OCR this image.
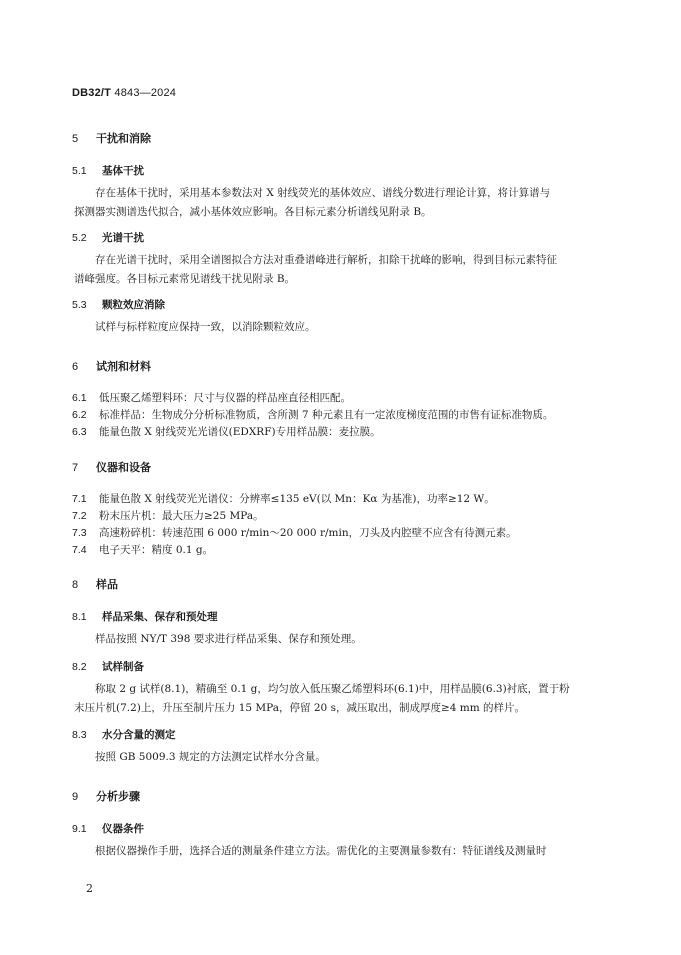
DB32/T 4843—2024
5 干扰和消除
5.1 基体干扰
存在基体干扰时，采用基本参数法对 X 射线荧光的基体效应、谱线分数进行理论计算，将计算谱与
探测器实测谱迭代拟合，减小基体效应影响。各目标元素分析谱线见附录 B。
5.2 光谱干扰
存在光谱干扰时，采用全谱图拟合方法对重叠谱峰进行解析，扣除干扰峰的影响，得到目标元素特征
谱峰强度。各目标元素常见谱线干扰见附录 B。
5.3 颗粒效应消除
试样与标样粒度应保持一致，以消除颗粒效应。
6 试剂和材料
6.1 低压聚乙烯塑料环：尺寸与仪器的样品座直径相匹配。
6.2 标准样品：生物成分分析标准物质，含所测 7 种元素且有一定浓度梯度范围的市售有证标准物质。
6.3 能量色散 X 射线荧光光谱仪(EDXRF)专用样品膜：麦拉膜。
7 仪器和设备
7.1 能量色散 X 射线荧光光谱仪：分辨率≤135 eV(以 Mn：Kα 为基准)，功率≥12 W。
7.2 粉末压片机：最大压力≥25 MPa。
7.3 高速粉碎机：转速范围 6 000 r/min～20 000 r/min，刀头及内腔壁不应含有待测元素。
7.4 电子天平：精度 0.1 g。
8 样品
8.1 样品采集、保存和预处理
样品按照 NY/T 398 要求进行样品采集、保存和预处理。
8.2 试样制备
称取 2 g 试样(8.1)，精确至 0.1 g，均匀放入低压聚乙烯塑料环(6.1)中，用样品膜(6.3)衬底，置于粉
末压片机(7.2)上，升压至制片压力 15 MPa，停留 20 s，减压取出，制成厚度≥4 mm 的样片。
8.3 水分含量的测定
按照 GB 5009.3 规定的方法测定试样水分含量。
9 分析步骤
9.1 仪器条件
根据仪器操作手册，选择合适的测量条件建立方法。需优化的主要测量参数有：特征谱线及测量时
2
